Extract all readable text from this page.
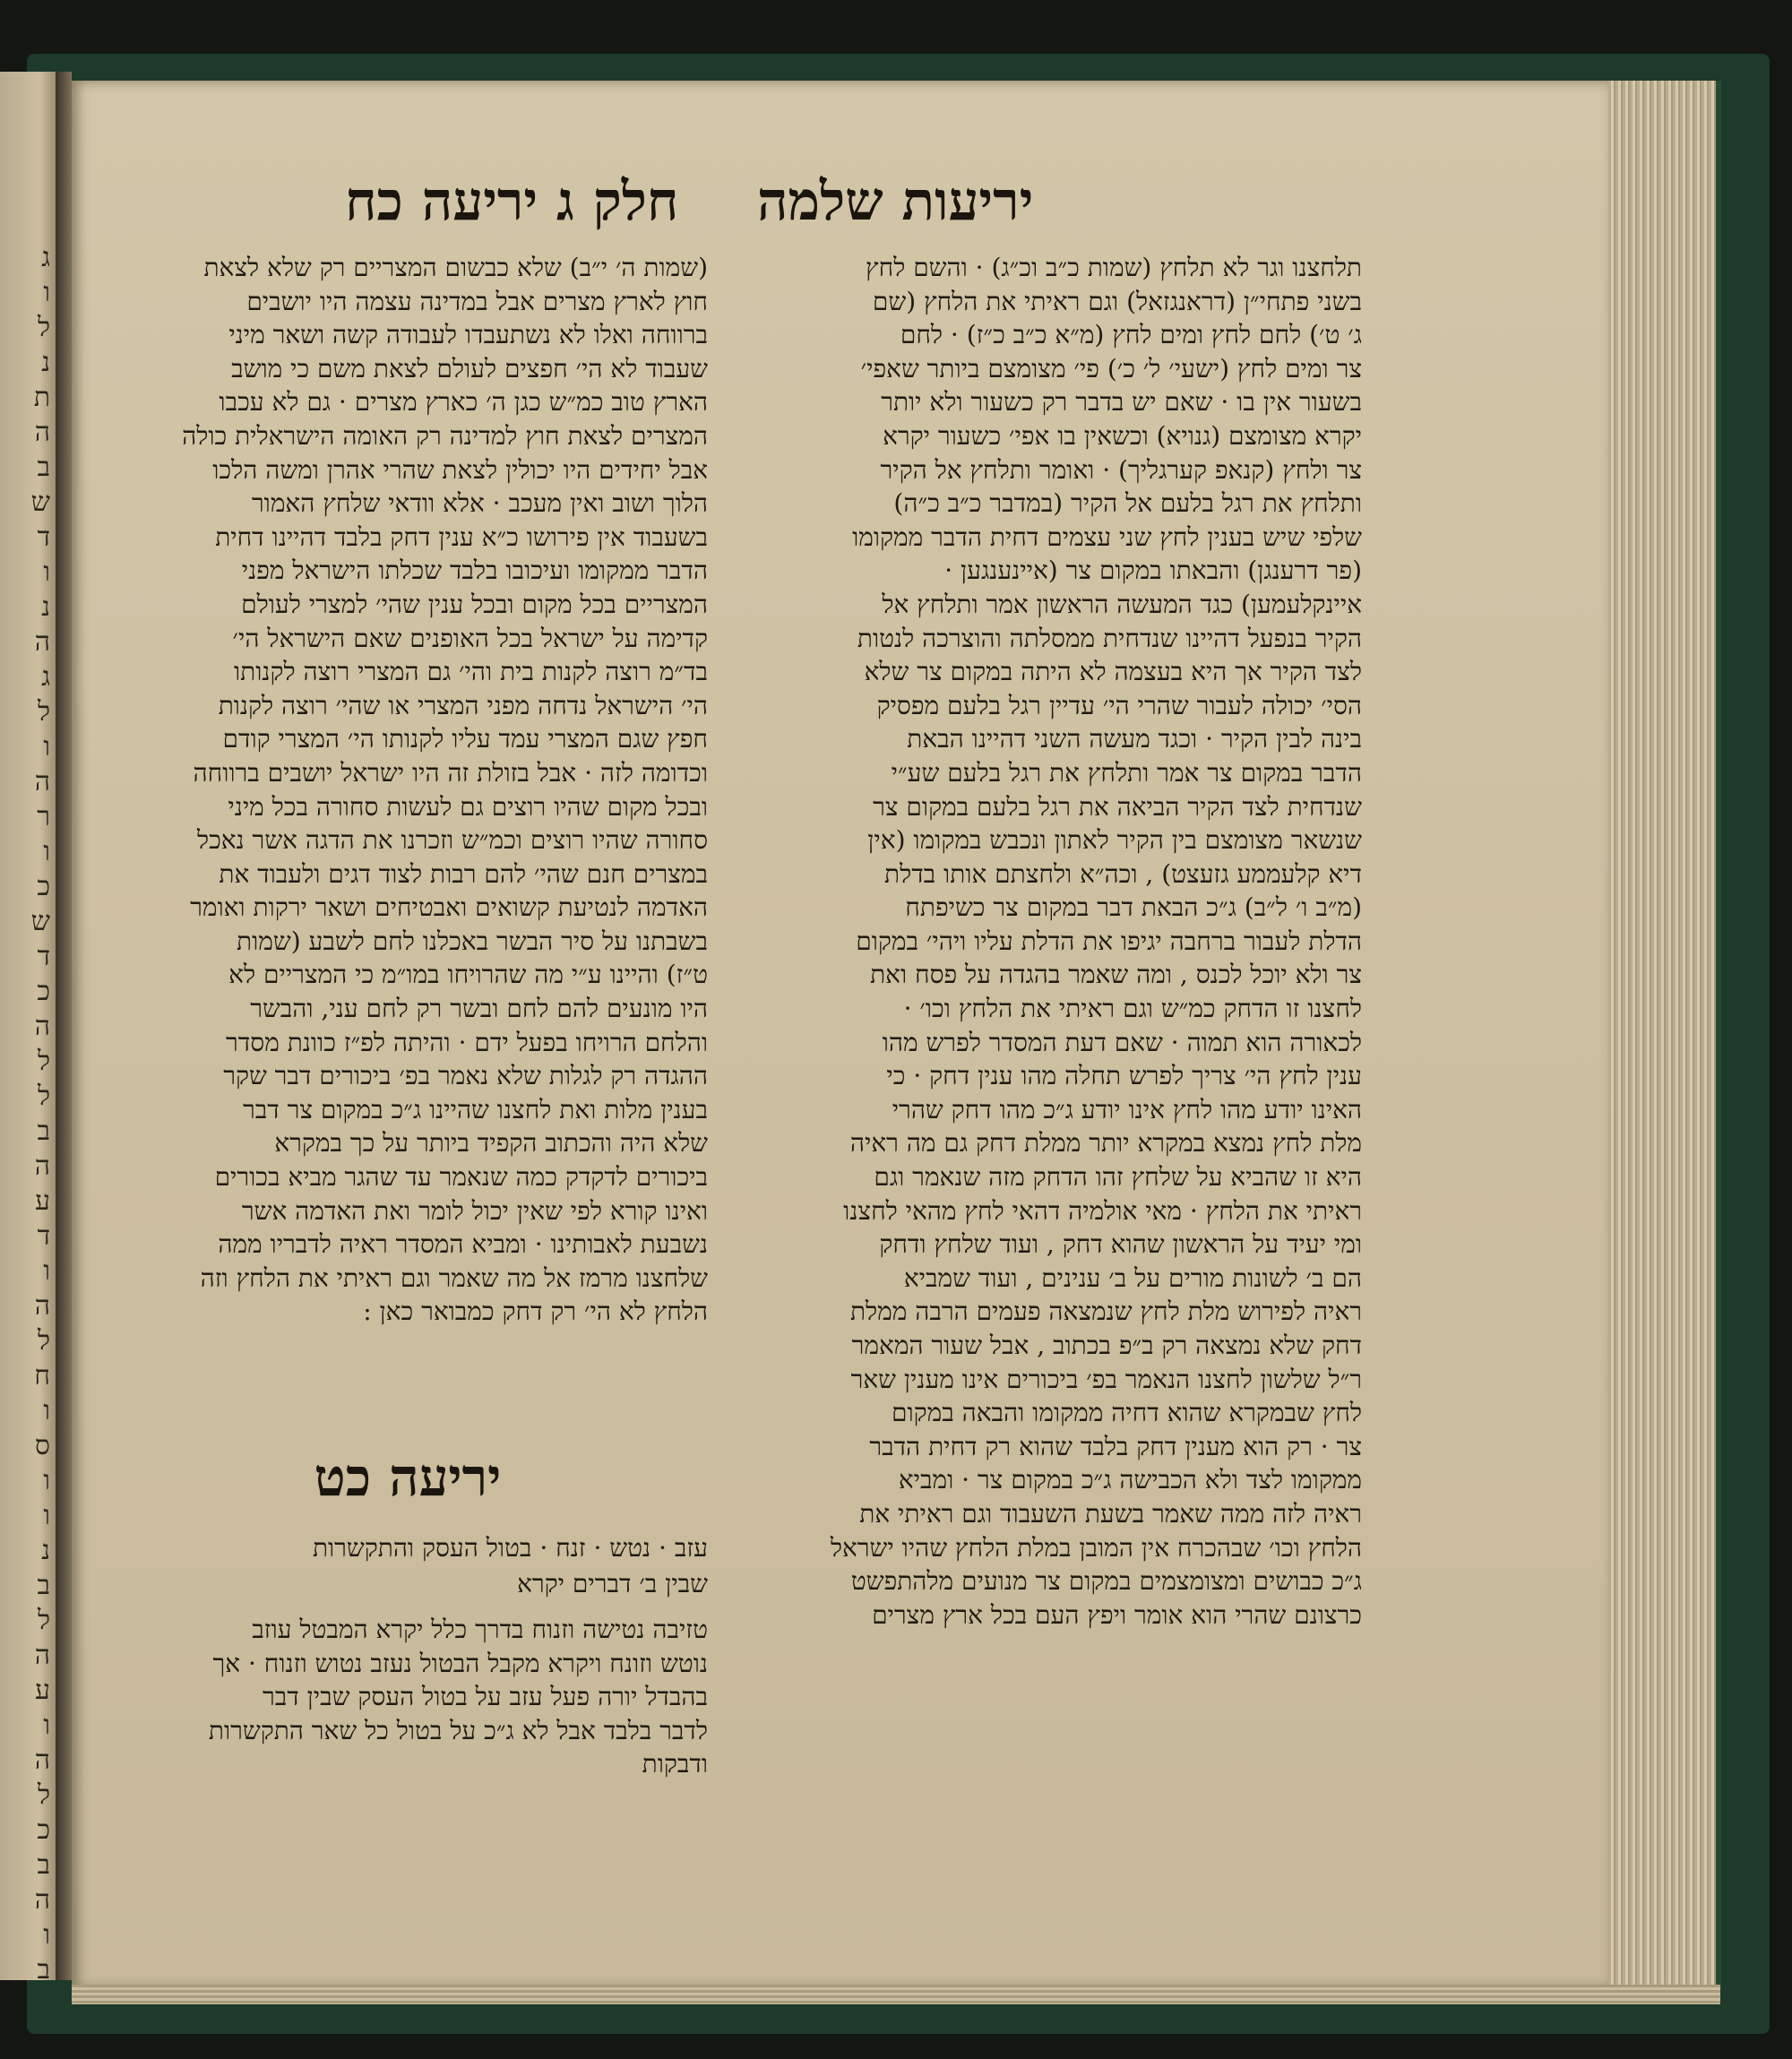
ג
ו
ל
נ
ת
ה
ב
ש
ד
ו
נ
ה
ג
ל
ו
ה
ר
ו
כ
ש
ד
כ
ה
ל
ל
ב
ה
ע
ד
ו
ה
ל
ח
ו
ס
ו
ו
נ
ב
ל
ה
ע
ו
ה
ל
כ
ב
ה
ו
ב
חלק ג יריעה כח יריעות שלמה
(שמות ה׳ י״ב) שלא כבשום המצריים רק שלא לצאת
חוץ לארץ מצרים אבל במדינה עצמה היו יושבים
ברווחה ואלו לא נשתעבדו לעבודה קשה ושאר מיני
שעבוד לא הי׳ חפצים לעולם לצאת משם כי מושב
הארץ טוב כמ״ש כגן ה׳ כארץ מצרים · גם לא עכבו
המצרים לצאת חוץ למדינה רק האומה הישראלית כולה
אבל יחידים היו יכולין לצאת שהרי אהרן ומשה הלכו
הלוך ושוב ואין מעכב · אלא וודאי שלחץ האמור
בשעבוד אין פירושו כ״א ענין דחק בלבד דהיינו דחית
הדבר ממקומו ועיכובו בלבד שכלתו הישראל מפני
המצריים בכל מקום ובכל ענין שהי׳ למצרי לעולם
קדימה על ישראל בכל האופנים שאם הישראל הי׳
בד״מ רוצה לקנות בית והי׳ גם המצרי רוצה לקנותו
הי׳ הישראל נדחה מפני המצרי או שהי׳ רוצה לקנות
חפץ שגם המצרי עמד עליו לקנותו הי׳ המצרי קודם
וכדומה לזה · אבל בזולת זה היו ישראל יושבים ברווחה
ובכל מקום שהיו רוצים גם לעשות סחורה בכל מיני
סחורה שהיו רוצים וכמ״ש וזכרנו את הדגה אשר נאכל
במצרים חנם שהי׳ להם רבות לצוד דגים ולעבוד את
האדמה לנטיעת קשואים ואבטיחים ושאר ירקות ואומר
בשבתנו על סיר הבשר באכלנו לחם לשבע (שמות
ט״ז) והיינו ע״י מה שהרויחו במו״מ כי המצריים לא
היו מונעים להם לחם ובשר רק לחם עני, והבשר
והלחם הרויחו בפעל ידם · והיתה לפ״ז כוונת מסדר
ההגדה רק לגלות שלא נאמר בפ׳ ביכורים דבר שקר
בענין מלות ואת לחצנו שהיינו ג״כ במקום צר דבר
שלא היה והכתוב הקפיד ביותר על כך במקרא
ביכורים לדקדק כמה שנאמר עד שהגר מביא בכורים
ואינו קורא לפי שאין יכול לומר ואת האדמה אשר
נשבעת לאבותינו · ומביא המסדר ראיה לדבריו ממה
שלחצנו מרמז אל מה שאמר וגם ראיתי את הלחץ וזה
הלחץ לא הי׳ רק דחק כמבואר כאן :
יריעה כט
עזב · נטש · זנח · בטול העסק והתקשרות
שבין ב׳ דברים יקרא
טזיבה נטישה וזנוח בדרך כלל יקרא המבטל עוזב
נוטש וזונח ויקרא מקבל הבטול נעזב נטוש וזנוח · אך
בהבדל יורה פעל עזב על בטול העסק שבין דבר
לדבר בלבד אבל לא ג״כ על בטול כל שאר התקשרות
ודבקות
תלחצנו וגר לא תלחץ (שמות כ״ב וכ״ג) · והשם לחץ
בשני פתחי״ן (דראנגזאל) וגם ראיתי את הלחץ (שם
ג׳ ט׳) לחם לחץ ומים לחץ (מ״א כ״ב כ״ז) · לחם
צר ומים לחץ (ישעי׳ ל׳ כ׳) פי׳ מצומצם ביותר שאפי׳
בשעור אין בו · שאם יש בדבר רק כשעור ולא יותר
יקרא מצומצם (גנויא) וכשאין בו אפי׳ כשעור יקרא
צר ולחץ (קנאפ קערגליך) · ואומר ותלחץ אל הקיר
ותלחץ את רגל בלעם אל הקיר (במדבר כ״ב כ״ה)
שלפי שיש בענין לחץ שני עצמים דחית הדבר ממקומו
(פר דרענגן) והבאתו במקום צר (איינענגען ·
איינקלעמען) כגד המעשה הראשון אמר ותלחץ אל
הקיר בנפעל דהיינו שנדחית ממסלתה והוצרכה לנטות
לצד הקיר אך היא בעצמה לא היתה במקום צר שלא
הסי׳ יכולה לעבור שהרי הי׳ עדיין רגל בלעם מפסיק
בינה לבין הקיר · וכגד מעשה השני דהיינו הבאת
הדבר במקום צר אמר ותלחץ את רגל בלעם שע״י
שנדחית לצד הקיר הביאה את רגל בלעם במקום צר
שנשאר מצומצם בין הקיר לאתון ונכבש במקומו (אין
דיא קלעממע גזעצט) , וכה״א ולחצתם אותו בדלת
(מ״ב ו׳ ל״ב) ג״כ הבאת דבר במקום צר כשיפתח
הדלת לעבור ברחבה יגיפו את הדלת עליו ויהי׳ במקום
צר ולא יוכל לכנס , ומה שאמר בהגדה על פסח ואת
לחצנו זו הדחק כמ״ש וגם ראיתי את הלחץ וכו׳ ·
לכאורה הוא תמוה · שאם דעת המסדר לפרש מהו
ענין לחץ הי׳ צריך לפרש תחלה מהו ענין דחק · כי
האינו יודע מהו לחץ אינו יודע ג״כ מהו דחק שהרי
מלת לחץ נמצא במקרא יותר ממלת דחק גם מה ראיה
היא זו שהביא על שלחץ זהו הדחק מזה שנאמר וגם
ראיתי את הלחץ · מאי אולמיה דהאי לחץ מהאי לחצנו
ומי יעיד על הראשון שהוא דחק , ועוד שלחץ ודחק
הם ב׳ לשונות מורים על ב׳ ענינים , ועוד שמביא
ראיה לפירוש מלת לחץ שנמצאה פעמים הרבה ממלת
דחק שלא נמצאה רק ב״פ בכתוב , אבל שעור המאמר
ר״ל שלשון לחצנו הנאמר בפ׳ ביכורים אינו מענין שאר
לחץ שבמקרא שהוא דחיה ממקומו והבאה במקום
צר · רק הוא מענין דחק בלבד שהוא רק דחית הדבר
ממקומו לצד ולא הכבישה ג״כ במקום צר · ומביא
ראיה לזה ממה שאמר בשעת השעבוד וגם ראיתי את
הלחץ וכו׳ שבהכרח אין המובן במלת הלחץ שהיו ישראל
ג״כ כבושים ומצומצמים במקום צר מנועים מלהתפשט
כרצונם שהרי הוא אומר ויפץ העם בכל ארץ מצרים
